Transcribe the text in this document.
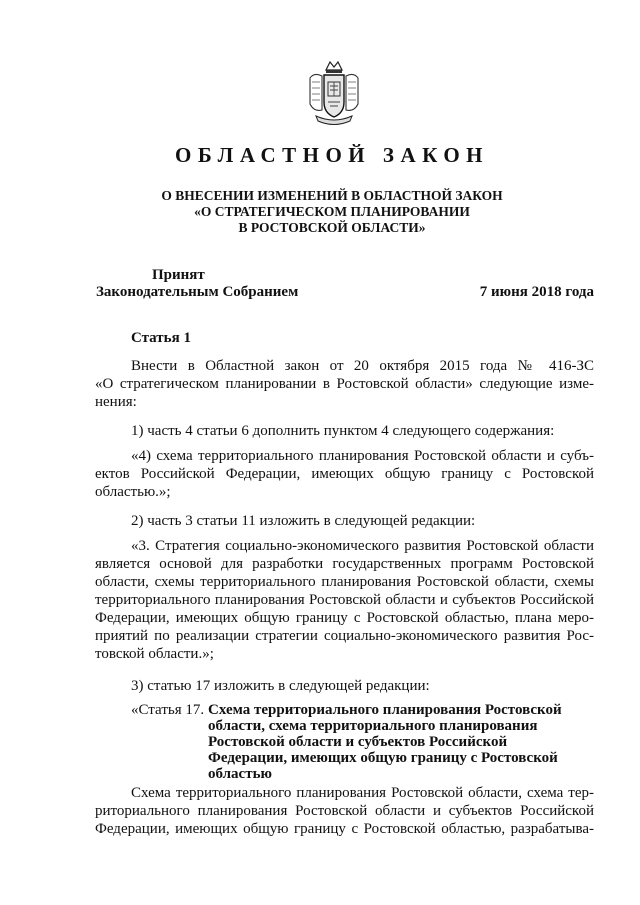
ОБЛАСТНОЙ ЗАКОН
О ВНЕСЕНИИ ИЗМЕНЕНИЙ В ОБЛАСТНОЙ ЗАКОН
«О СТРАТЕГИЧЕСКОМ ПЛАНИРОВАНИИ
В РОСТОВСКОЙ ОБЛАСТИ»
Принят
Законодательным Собранием	7 июня 2018 года
Статья 1
Внести в Областной закон от 20 октября 2015 года № 416-ЗС
«О стратегическом планировании в Ростовской области» следующие изме-
нения:
1) часть 4 статьи 6 дополнить пунктом 4 следующего содержания:
«4) схема территориального планирования Ростовской области и субъ-
ектов Российской Федерации, имеющих общую границу с Ростовской
областью.»;
2) часть 3 статьи 11 изложить в следующей редакции:
«3. Стратегия социально-экономического развития Ростовской области
является основой для разработки государственных программ Ростовской
области, схемы территориального планирования Ростовской области, схемы
территориального планирования Ростовской области и субъектов Российской
Федерации, имеющих общую границу с Ростовской областью, плана меро-
приятий по реализации стратегии социально-экономического развития Рос-
товской области.»;
3) статью 17 изложить в следующей редакции:
«Статья 17. Схема территориального планирования Ростовской
области, схема территориального планирования
Ростовской области и субъектов Российской
Федерации, имеющих общую границу с Ростовской
областью
Схема территориального планирования Ростовской области, схема тер-
риториального планирования Ростовской области и субъектов Российской
Федерации, имеющих общую границу с Ростовской областью, разрабатыва-
